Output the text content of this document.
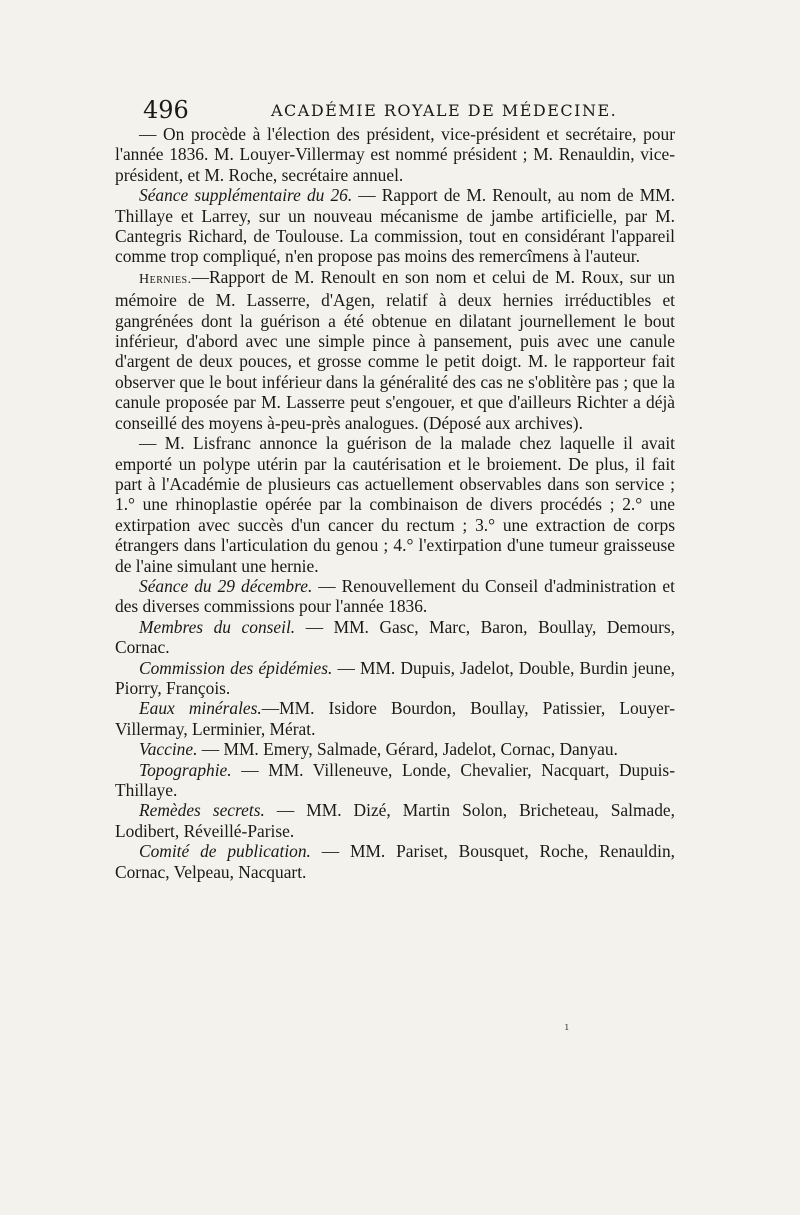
496	ACADÉMIE ROYALE DE MÉDECINE.

— On procède à l'élection des président, vice-président et secrétaire, pour l'année 1836. M. Louyer-Villermay est nommé président ; M. Renauldin, vice-président, et M. Roche, secrétaire annuel.

Séance supplémentaire du 26. — Rapport de M. Renoult, au nom de MM. Thillaye et Larrey, sur un nouveau mécanisme de jambe artificielle, par M. Cantegris Richard, de Toulouse. La commission, tout en considérant l'appareil comme trop compliqué, n'en propose pas moins des remercîmens à l'auteur.

Hernies.—Rapport de M. Renoult en son nom et celui de M. Roux, sur un mémoire de M. Lasserre, d'Agen, relatif à deux hernies irréductibles et gangrénées dont la guérison a été obtenue en dilatant journellement le bout inférieur, d'abord avec une simple pince à pansement, puis avec une canule d'argent de deux pouces, et grosse comme le petit doigt. M. le rapporteur fait observer que le bout inférieur dans la généralité des cas ne s'oblitère pas ; que la canule proposée par M. Lasserre peut s'engouer, et que d'ailleurs Richter a déjà conseillé des moyens à-peu-près analogues. (Déposé aux archives).

— M. Lisfranc annonce la guérison de la malade chez laquelle il avait emporté un polype utérin par la cautérisation et le broiement. De plus, il fait part à l'Académie de plusieurs cas actuellement observables dans son service ; 1.° une rhinoplastie opérée par la combinaison de divers procédés ; 2.° une extirpation avec succès d'un cancer du rectum ; 3.° une extraction de corps étrangers dans l'articulation du genou ; 4.° l'extirpation d'une tumeur graisseuse de l'aine simulant une hernie.

Séance du 29 décembre. — Renouvellement du Conseil d'administration et des diverses commissions pour l'année 1836.

Membres du conseil. — MM. Gasc, Marc, Baron, Boullay, Demours, Cornac.

Commission des épidémies. — MM. Dupuis, Jadelot, Double, Burdin jeune, Piorry, François.

Eaux minérales.—MM. Isidore Bourdon, Boullay, Patissier, Louyer-Villermay, Lerminier, Mérat.

Vaccine. — MM. Emery, Salmade, Gérard, Jadelot, Cornac, Danyau.

Topographie. — MM. Villeneuve, Londe, Chevalier, Nacquart, Dupuis-Thillaye.

Remèdes secrets. — MM. Dizé, Martin Solon, Bricheteau, Salmade, Lodibert, Réveillé-Parise.

Comité de publication. — MM. Pariset, Bousquet, Roche, Renauldin, Cornac, Velpeau, Nacquart.

ı
